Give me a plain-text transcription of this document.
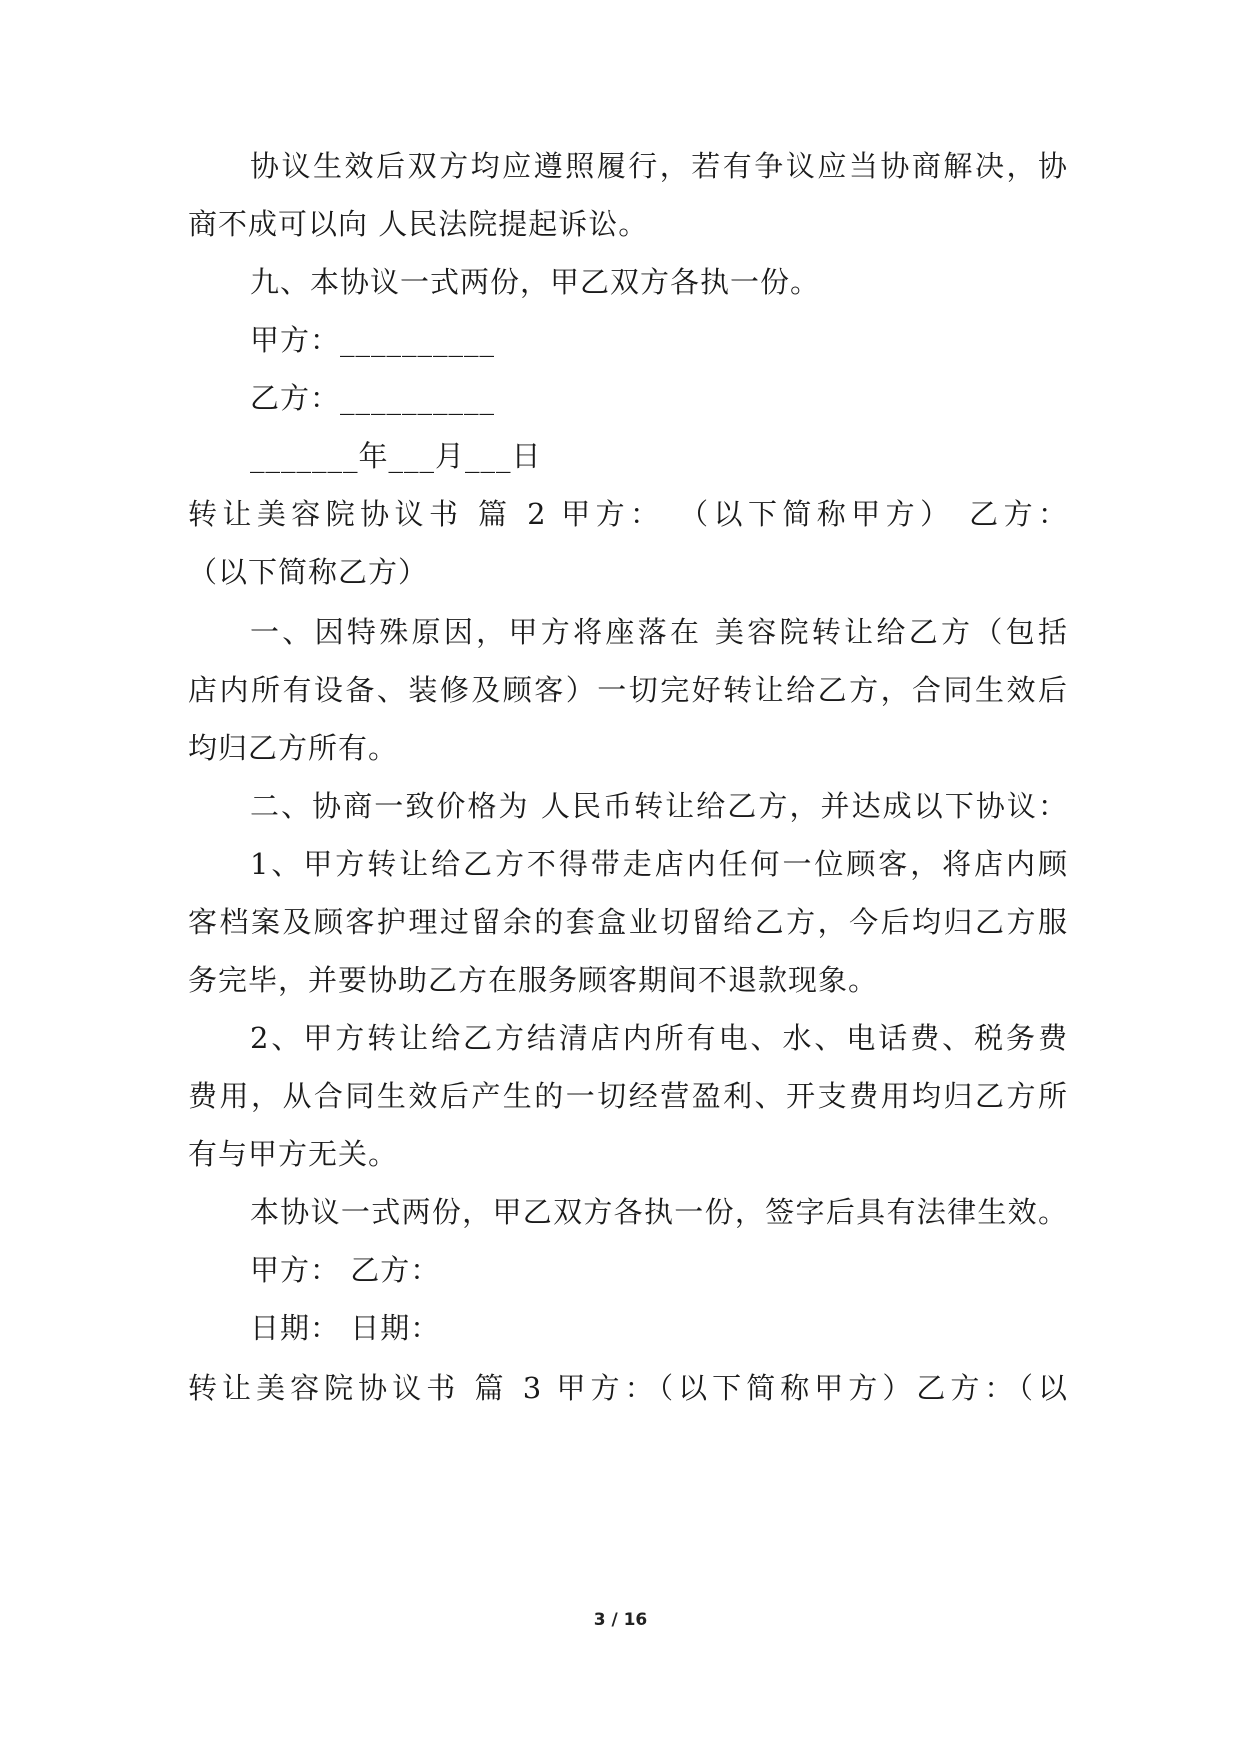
协议生效后双方均应遵照履行，若有争议应当协商解决，协
商不成可以向 人民法院提起诉讼。
九、本协议一式两份，甲乙双方各执一份。
甲方：__________
乙方：__________
_______年___月___日
转让美容院协议书 篇 2 甲方： （以下简称甲方） 乙方：
（以下简称乙方）
一、因特殊原因，甲方将座落在 美容院转让给乙方（包括
店内所有设备、装修及顾客）一切完好转让给乙方，合同生效后
均归乙方所有。
二、协商一致价格为 人民币转让给乙方，并达成以下协议：
1、甲方转让给乙方不得带走店内任何一位顾客，将店内顾
客档案及顾客护理过留余的套盒业切留给乙方，今后均归乙方服
务完毕，并要协助乙方在服务顾客期间不退款现象。
2、甲方转让给乙方结清店内所有电、水、电话费、税务费
费用，从合同生效后产生的一切经营盈利、开支费用均归乙方所
有与甲方无关。
本协议一式两份，甲乙双方各执一份，签字后具有法律生效。
甲方： 乙方：
日期： 日期：
转让美容院协议书 篇 3 甲方：（以下简称甲方）乙方：（以
3 / 16
